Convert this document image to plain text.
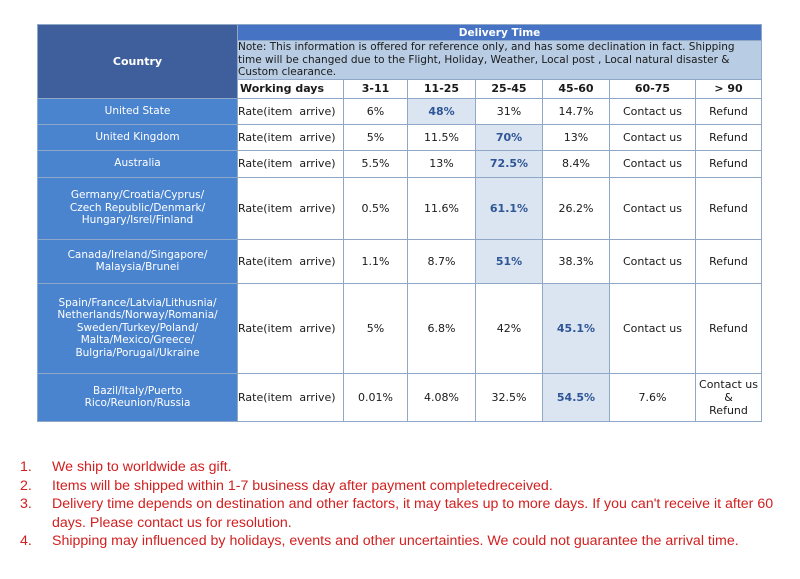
Country	Delivery Time						
	Note: This information is offered for reference only, and has some declination in fact. Shipping time will be changed due to the Flight, Holiday, Weather, Local post , Local natural disaster & Custom clearance.						
	Working days	3-11	11-25	25-45	45-60	60-75	> 90
United State	Rate(item  arrive)	6%	48%	31%	14.7%	Contact us	Refund
United Kingdom	Rate(item  arrive)	5%	11.5%	70%	13%	Contact us	Refund
Australia	Rate(item  arrive)	5.5%	13%	72.5%	8.4%	Contact us	Refund
Germany/Croatia/Cyprus/
Czech Republic/Denmark/
Hungary/Isrel/Finland	Rate(item  arrive)	0.5%	11.6%	61.1%	26.2%	Contact us	Refund
Canada/Ireland/Singapore/
Malaysia/Brunei	Rate(item  arrive)	1.1%	8.7%	51%	38.3%	Contact us	Refund
Spain/France/Latvia/Lithusnia/
Netherlands/Norway/Romania/
Sweden/Turkey/Poland/
Malta/Mexico/Greece/
Bulgria/Porugal/Ukraine	Rate(item  arrive)	5%	6.8%	42%	45.1%	Contact us	Refund
Bazil/Italy/Puerto
Rico/Reunion/Russia	Rate(item  arrive)	0.01%	4.08%	32.5%	54.5%	7.6%	Contact us
&
Refund
1. We ship to worldwide as gift.
2. Items will be shipped within 1-7 business day after payment completedreceived.
3. Delivery time depends on destination and other factors, it may takes up to more days. If you can't receive it after 60 days. Please contact us for resolution.
4. Shipping may influenced by holidays, events and other uncertainties. We could not guarantee the arrival time.
